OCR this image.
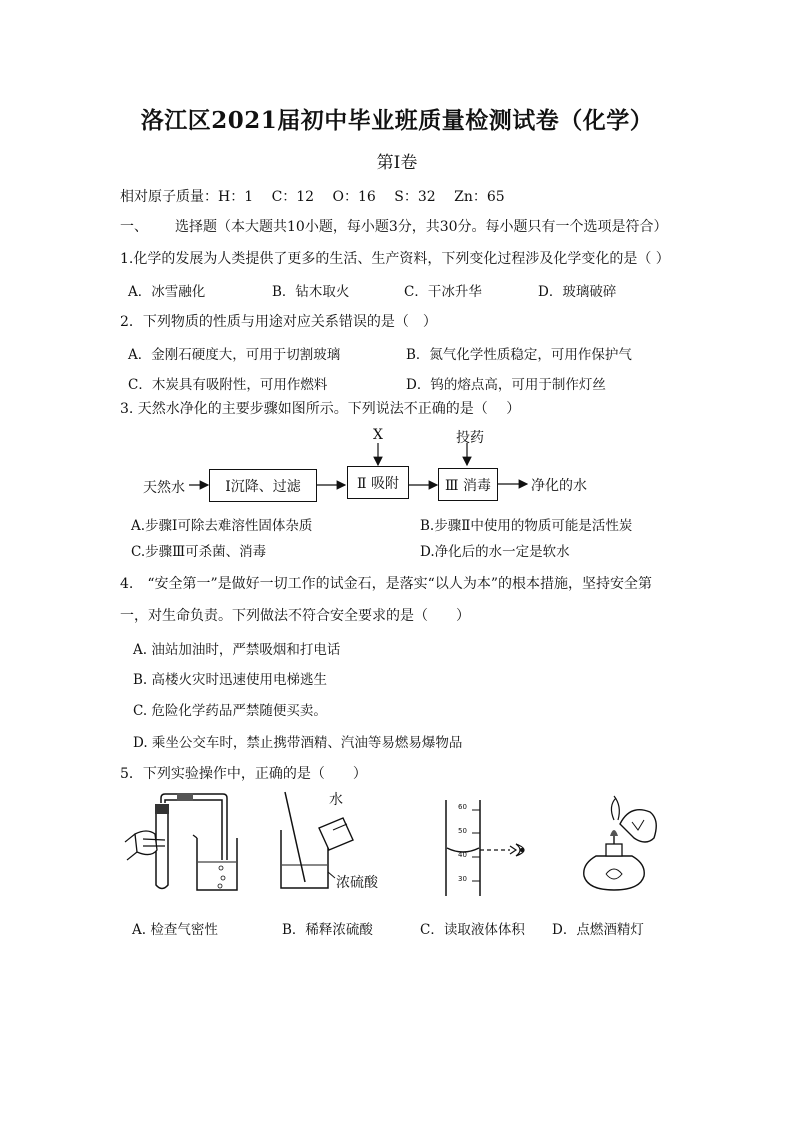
洛江区2021届初中毕业班质量检测试卷（化学）
第Ⅰ卷
相对原子质量：H：1　 C：12　 O：16　 S：32　 Zn：65
一、 选择题（本大题共10小题，每小题3分，共30分。每小题只有一个选项是符合）
1.化学的发展为人类提供了更多的生活、生产资料，下列变化过程涉及化学变化的是（ ）
A．冰雪融化	B．钻木取火	C．干冰升华	D．玻璃破碎
2．下列物质的性质与用途对应关系错误的是（　）
A．金刚石硬度大，可用于切割玻璃	B．氮气化学性质稳定，可用作保护气
C．木炭具有吸附性，可用作燃料	D．钨的熔点高，可用于制作灯丝
3. 天然水净化的主要步骤如图所示。下列说法不正确的是（　 ）
天然水	Ⅰ沉降、过滤	Ⅱ 吸附	Ⅲ 消毒	净化的水
X	投药
A.步骤Ⅰ可除去难溶性固体杂质	B.步骤Ⅱ中使用的物质可能是活性炭
C.步骤Ⅲ可杀菌、消毒	D.净化后的水一定是软水
4.　“安全第一”是做好一切工作的试金石，是落实“以人为本”的根本措施，坚持安全第
一，对生命负责。下列做法不符合安全要求的是（　　）
A. 油站加油时，严禁吸烟和打电话
B. 高楼火灾时迅速使用电梯逃生
C. 危险化学药品严禁随便买卖。
D. 乘坐公交车时，禁止携带酒精、汽油等易燃易爆物品
5．下列实验操作中，正确的是（　　）
水
浓硫酸
60
50
40
30
A. 检查气密性	B．稀释浓硫酸	C．读取液体体积 D．点燃酒精灯
